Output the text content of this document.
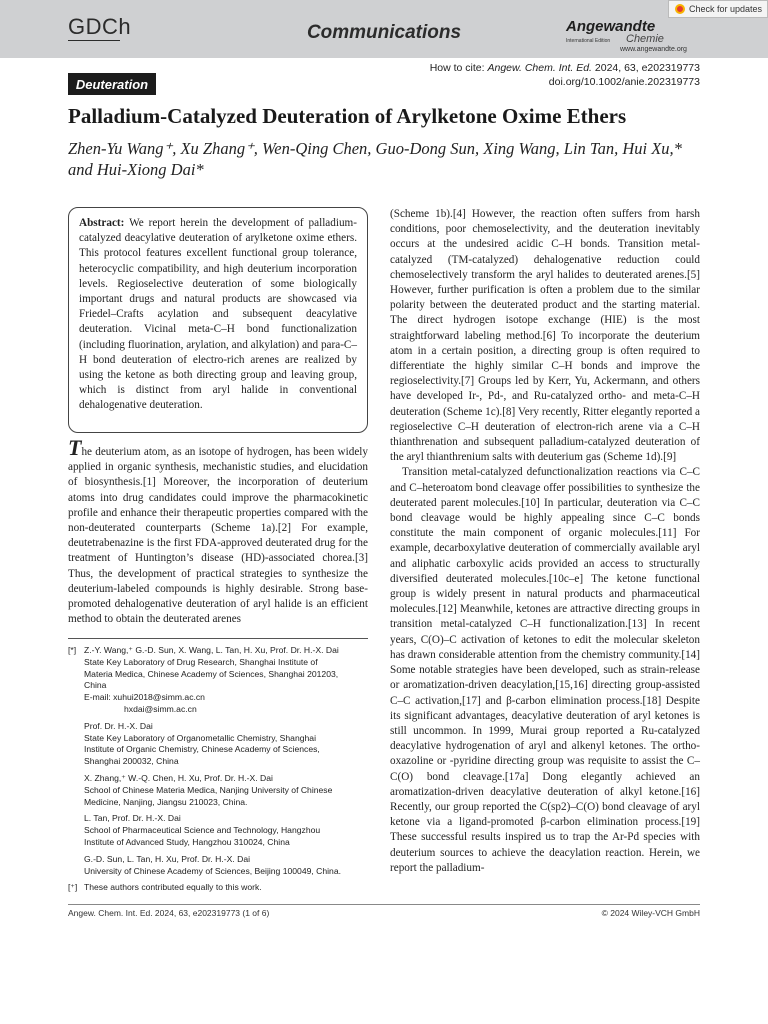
GDCh	Communications	Angewandte
International Edition Chemie
www.angewandte.org
Check for updates
Deuteration
How to cite: Angew. Chem. Int. Ed. 2024, 63, e202319773
doi.org/10.1002/anie.202319773
Palladium-Catalyzed Deuteration of Arylketone Oxime Ethers
Zhen-Yu Wang⁺, Xu Zhang⁺, Wen-Qing Chen, Guo-Dong Sun, Xing Wang, Lin Tan, Hui Xu,* and Hui-Xiong Dai*
Abstract: We report herein the development of palladium-catalyzed deacylative deuteration of arylketone oxime ethers. This protocol features excellent functional group tolerance, heterocyclic compatibility, and high deuterium incorporation levels. Regioselective deuteration of some biologically important drugs and natural products are showcased via Friedel–Crafts acylation and subsequent deacylative deuteration. Vicinal meta-C–H bond functionalization (including fluorination, arylation, and alkylation) and para-C–H bond deuteration of electro-rich arenes are realized by using the ketone as both directing group and leaving group, which is distinct from aryl halide in conventional dehalogenative deuteration.
The deuterium atom, as an isotope of hydrogen, has been widely applied in organic synthesis, mechanistic studies, and elucidation of biosynthesis.[1] Moreover, the incorporation of deuterium atoms into drug candidates could improve the pharmacokinetic profile and enhance their therapeutic properties compared with the non-deuterated counterparts (Scheme 1a).[2] For example, deutetrabenazine is the first FDA-approved deuterated drug for the treatment of Huntington’s disease (HD)-associated chorea.[3] Thus, the development of practical strategies to synthesize the deuterium-labeled compounds is highly desirable. Strong base-promoted dehalogenative deuteration of aryl halide is an efficient method to obtain the deuterated arenes

(Scheme 1b).[4] However, the reaction often suffers from harsh conditions, poor chemoselectivity, and the deuteration inevitably occurs at the undesired acidic C–H bonds. Transition metal-catalyzed (TM-catalyzed) dehalogenative reduction could chemoselectively transform the aryl halides to deuterated arenes.[5] However, further purification is often a problem due to the similar polarity between the deuterated product and the starting material. The direct hydrogen isotope exchange (HIE) is the most straightforward labeling method.[6] To incorporate the deuterium atom in a certain position, a directing group is often required to differentiate the highly similar C–H bonds and improve the regioselectivity.[7] Groups led by Kerr, Yu, Ackermann, and others have developed Ir-, Pd-, and Ru-catalyzed ortho- and meta-C–H deuteration (Scheme 1c).[8] Very recently, Ritter elegantly reported a regioselective C–H deuteration of electron-rich arene via a C–H thianthrenation and subsequent palladium-catalyzed deuteration of the aryl thianthrenium salts with deuterium gas (Scheme 1d).[9]

Transition metal-catalyzed defunctionalization reactions via C–C and C–heteroatom bond cleavage offer possibilities to synthesize the deuterated parent molecules.[10] In particular, deuteration via C–C bond cleavage would be highly appealing since C–C bonds constitute the main component of organic molecules.[11] For example, decarboxylative deuteration of commercially available aryl and aliphatic carboxylic acids provided an access to structurally diversified deuterated molecules.[10c–e] The ketone functional group is widely present in natural products and pharmaceutical molecules.[12] Meanwhile, ketones are attractive directing groups in transition metal-catalyzed C–H functionalization.[13] In recent years, C(O)–C activation of ketones to edit the molecular skeleton has drawn considerable attention from the chemistry community.[14] Some notable strategies have been developed, such as strain-release or aromatization-driven deacylation,[15,16] directing group-assisted C–C activation,[17] and β-carbon elimination process.[18] Despite its significant advantages, deacylative deuteration of aryl ketones is still uncommon. In 1999, Murai group reported a Ru-catalyzed deacylative hydrogenation of aryl and alkenyl ketones. The ortho-oxazoline or -pyridine directing group was requisite to assist the C–C(O) bond cleavage.[17a] Dong elegantly achieved an aromatization-driven deacylative deuteration of alkyl ketone.[16] Recently, our group reported the C(sp2)–C(O) bond cleavage of aryl ketone via a ligand-promoted β-carbon elimination process.[19] These successful results inspired us to trap the Ar-Pd species with deuterium sources to achieve the deacylation reaction. Herein, we report the palladium-

[*] Z.-Y. Wang,⁺ G.-D. Sun, X. Wang, L. Tan, H. Xu, Prof. Dr. H.-X. Dai
State Key Laboratory of Drug Research, Shanghai Institute of
Materia Medica, Chinese Academy of Sciences, Shanghai 201203,
China
E-mail: xuhui2018@simm.ac.cn
hxdai@simm.ac.cn
Prof. Dr. H.-X. Dai
State Key Laboratory of Organometallic Chemistry, Shanghai
Institute of Organic Chemistry, Chinese Academy of Sciences,
Shanghai 200032, China
X. Zhang,⁺ W.-Q. Chen, H. Xu, Prof. Dr. H.-X. Dai
School of Chinese Materia Medica, Nanjing University of Chinese
Medicine, Nanjing, Jiangsu 210023, China.
L. Tan, Prof. Dr. H.-X. Dai
School of Pharmaceutical Science and Technology, Hangzhou
Institute of Advanced Study, Hangzhou 310024, China
G.-D. Sun, L. Tan, H. Xu, Prof. Dr. H.-X. Dai
University of Chinese Academy of Sciences, Beijing 100049, China.
[⁺] These authors contributed equally to this work.
Angew. Chem. Int. Ed. 2024, 63, e202319773 (1 of 6)	© 2024 Wiley-VCH GmbH
